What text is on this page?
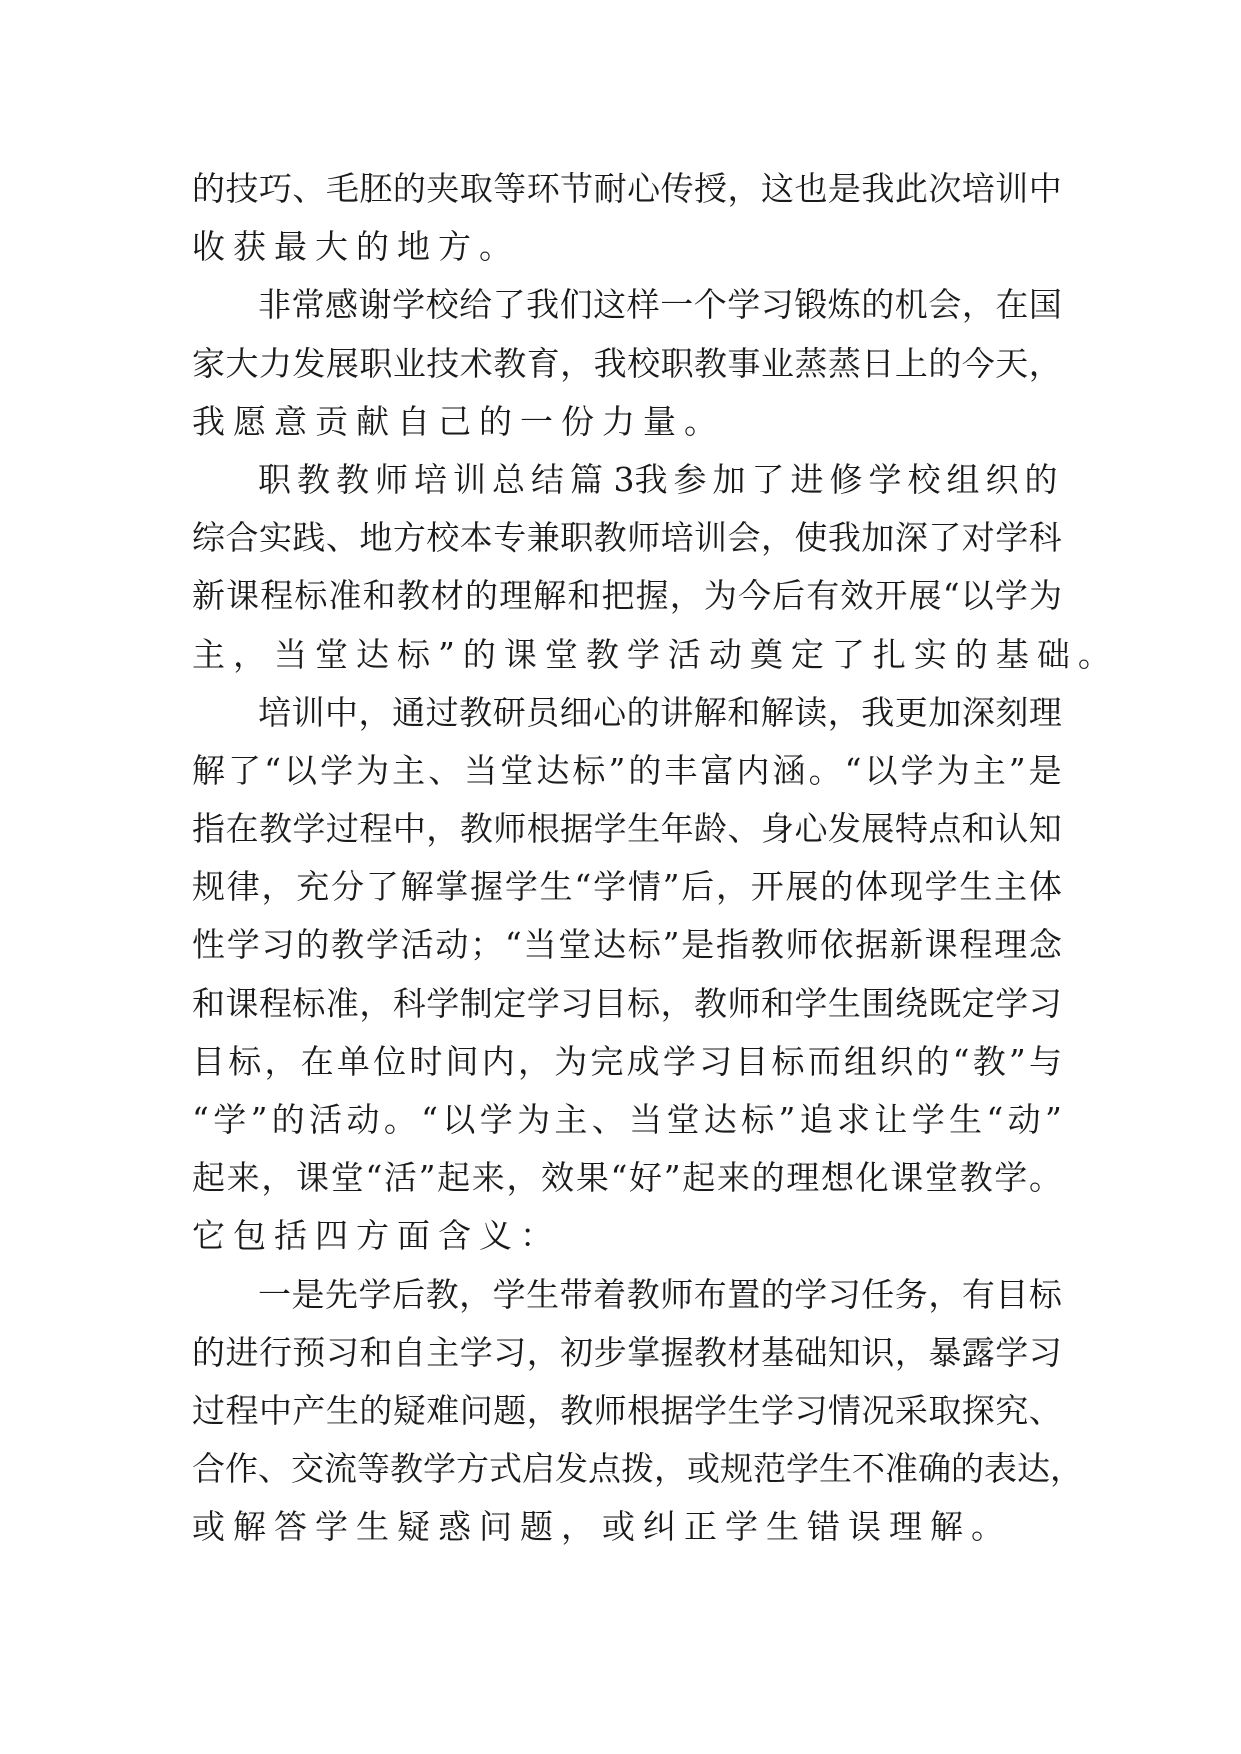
的 技 巧 、 毛 胚 的 夹 取 等 环 节 耐 心 传 授 ， 这 也 是 我 此 次 培 训 中
收获最大的地方。
非 常 感 谢 学 校 给 了 我 们 这 样 一 个 学 习 锻 炼 的 机 会 ， 在 国
家 大 力 发 展 职 业 技 术 教 育 ， 我 校 职 教 事 业 蒸 蒸 日 上 的 今 天 ，
我愿意贡献自己的一份力量。
职教教师培训总结 篇 3 我参加了进修学校组织的
综 合 实 践 、 地 方 校 本 专 兼 职 教 师 培 训 会 ， 使 我 加 深 了 对 学 科
新 课 程 标 准 和 教 材 的 理 解 和 把 握 ， 为 今 后 有 效 开 展 “ 以 学 为
主，当堂达标”的课堂教学活动奠定了扎实的基础。
培 训 中 ， 通 过 教 研 员 细 心 的 讲 解 和 解 读 ， 我 更 加 深 刻 理
解 了 “ 以 学 为 主 、 当 堂 达 标 ” 的 丰 富 内 涵 。 “ 以 学 为 主 ” 是
指 在 教 学 过 程 中 ， 教 师 根 据 学 生 年 龄 、 身 心 发 展 特 点 和 认 知
规 律 ， 充 分 了 解 掌 握 学 生 “ 学 情 ” 后 ， 开 展 的 体 现 学 生 主 体
性 学 习 的 教 学 活 动 ； “ 当 堂 达 标 ” 是 指 教 师 依 据 新 课 程 理 念
和 课 程 标 准 ， 科 学 制 定 学 习 目 标 ， 教 师 和 学 生 围 绕 既 定 学 习
目 标 ， 在 单 位 时 间 内 ， 为 完 成 学 习 目 标 而 组 织 的 “ 教 ” 与
“ 学 ” 的 活 动 。 “ 以 学 为 主 、 当 堂 达 标 ” 追 求 让 学 生 “ 动 ”
起 来 ， 课 堂 “ 活 ” 起 来 ， 效 果 “ 好 ” 起 来 的 理 想 化 课 堂 教 学 。
它包括四方面含义：
一 是 先 学 后 教 ， 学 生 带 着 教 师 布 置 的 学 习 任 务 ， 有 目 标
的 进 行 预 习 和 自 主 学 习 ， 初 步 掌 握 教 材 基 础 知 识 ， 暴 露 学 习
过 程 中 产 生 的 疑 难 问 题 ， 教 师 根 据 学 生 学 习 情 况 采 取 探 究 、
合 作 、 交 流 等 教 学 方 式 启 发 点 拨 ， 或 规 范 学 生 不 准 确 的 表 达 ，
或解答学生疑惑问题，或纠正学生错误理解。
